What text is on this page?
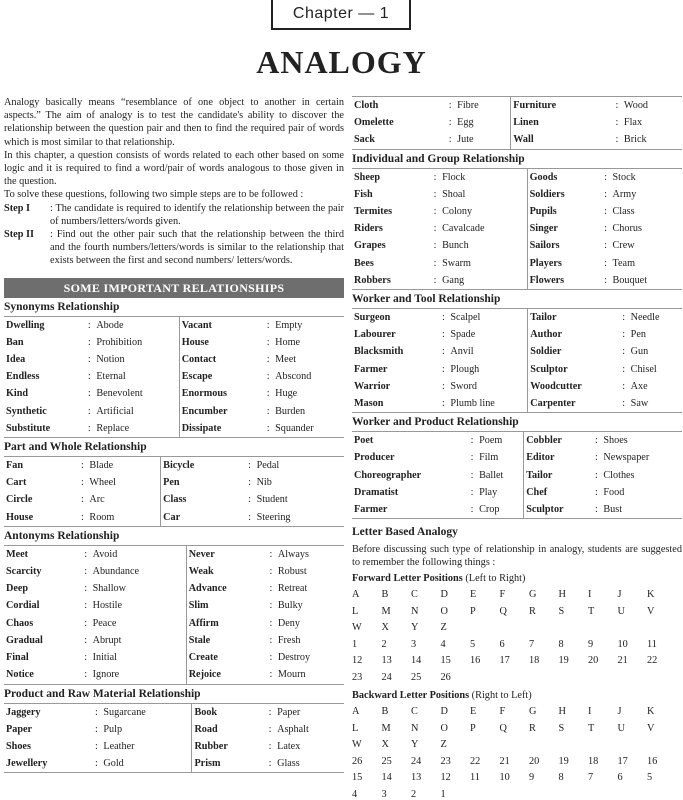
Chapter — 1
ANALOGY

Analogy basically means “resemblance of one object to another in certain aspects.” The aim of analogy is to test the candidate's ability to discover the relationship between the question pair and then to find the required pair of words which is most similar to that relationship.

In this chapter, a question consists of words related to each other based on some logic and it is required to find a word/pair of words analogous to those given in the question.

To solve these questions, following two simple steps are to be followed :

Step I	: The candidate is required to identify the relationship between the pair of numbers/letters/words given.
Step II	: Find out the other pair such that the relationship between the third and the fourth numbers/letters/words is similar to the relationship that exists between the first and second numbers/ letters/words.
SOME IMPORTANT RELATIONSHIPS
Synonyms Relationship
Dwelling	:	Abode	Vacant	:	Empty
Ban	:	Prohibition	House	:	Home
Idea	:	Notion	Contact	:	Meet
Endless	:	Eternal	Escape	:	Abscond
Kind	:	Benevolent	Enormous	:	Huge
Synthetic	:	Artificial	Encumber	:	Burden
Substitute	:	Replace	Dissipate	:	Squander
Part and Whole Relationship
Fan	:	Blade	Bicycle	:	Pedal
Cart	:	Wheel	Pen	:	Nib
Circle	:	Arc	Class	:	Student
House	:	Room	Car	:	Steering
Antonyms Relationship
Meet	:	Avoid	Never	:	Always
Scarcity	:	Abundance	Weak	:	Robust
Deep	:	Shallow	Advance	:	Retreat
Cordial	:	Hostile	Slim	:	Bulky
Chaos	:	Peace	Affirm	:	Deny
Gradual	:	Abrupt	Stale	:	Fresh
Final	:	Initial	Create	:	Destroy
Notice	:	Ignore	Rejoice	:	Mourn
Product and Raw Material Relationship
Jaggery	:	Sugarcane	Book	:	Paper
Paper	:	Pulp	Road	:	Asphalt
Shoes	:	Leather	Rubber	:	Latex
Jewellery	:	Gold	Prism	:	Glass
Cloth	:	Fibre	Furniture	:	Wood
Omelette	:	Egg	Linen	:	Flax
Sack	:	Jute	Wall	:	Brick
Individual and Group Relationship
Sheep	:	Flock	Goods	:	Stock
Fish	:	Shoal	Soldiers	:	Army
Termites	:	Colony	Pupils	:	Class
Riders	:	Cavalcade	Singer	:	Chorus
Grapes	:	Bunch	Sailors	:	Crew
Bees	:	Swarm	Players	:	Team
Robbers	:	Gang	Flowers	:	Bouquet
Worker and Tool Relationship
Surgeon	:	Scalpel	Tailor	:	Needle
Labourer	:	Spade	Author	:	Pen
Blacksmith	:	Anvil	Soldier	:	Gun
Farmer	:	Plough	Sculptor	:	Chisel
Warrior	:	Sword	Woodcutter	:	Axe
Mason	:	Plumb line	Carpenter	:	Saw
Worker and Product Relationship
Poet	:	Poem	Cobbler	:	Shoes
Producer	:	Film	Editor	:	Newspaper
Choreographer	:	Ballet	Tailor	:	Clothes
Dramatist	:	Play	Chef	:	Food
Farmer	:	Crop	Sculptor	:	Bust
Letter Based Analogy

Before discussing such type of relationship in analogy, students are suggested to remember the following things :

Forward Letter Positions (Left to Right)
A	B	C	D	E	F	G	H	I	J	K
L	M	N	O	P	Q	R	S	T	U	V
W	X	Y	Z
1	2	3	4	5	6	7	8	9	10	11
12	13	14	15	16	17	18	19	20	21	22
23	24	25	26
Backward Letter Positions (Right to Left)
A	B	C	D	E	F	G	H	I	J	K
L	M	N	O	P	Q	R	S	T	U	V
W	X	Y	Z
26	25	24	23	22	21	20	19	18	17	16
15	14	13	12	11	10	9	8	7	6	5
4	3	2	1
